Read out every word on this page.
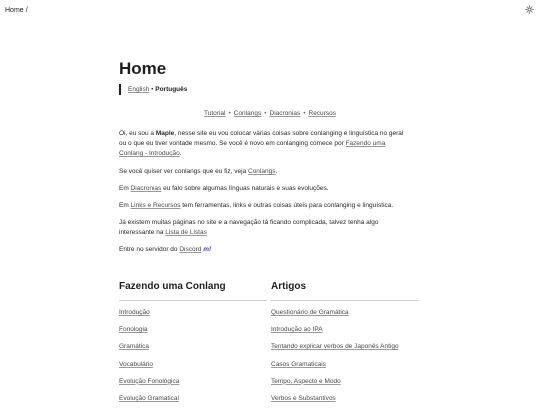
Home /
Home
English • Português
Tutorial • Conlangs • Diacronias • Recursos

Oi, eu sou a Maple, nesse site eu vou colocar várias coisas sobre conlanging e linguística no geral ou o que eu tiver vontade mesmo. Se você é novo em conlanging comece por Fazendo uma Conlang - Introdução.

Se você quiser ver conlangs que eu fiz, veja Conlangs.

Em Diacronias eu falo sobre algumas línguas naturais e suas evoluções.

Em Links e Recursos tem ferramentas, links e outras coisas úteis para conlanging e linguística.

Já existem muitas páginas no site e a navegação tá ficando complicada, talvez tenha algo interessante na Lista de Listas

Entre no servidor do Discord m!

Fazendo uma Conlang
Introdução
Fonologia
Gramática
Vocabulário
Evolução Fonológica
Evolução Gramatical
Artigos
Questionário de Gramática
Introdução ao IPA
Tentando explicar verbos de Japonês Antigo
Casos Gramaticais
Tempo, Aspecto e Modo
Verbos e Substantivos
